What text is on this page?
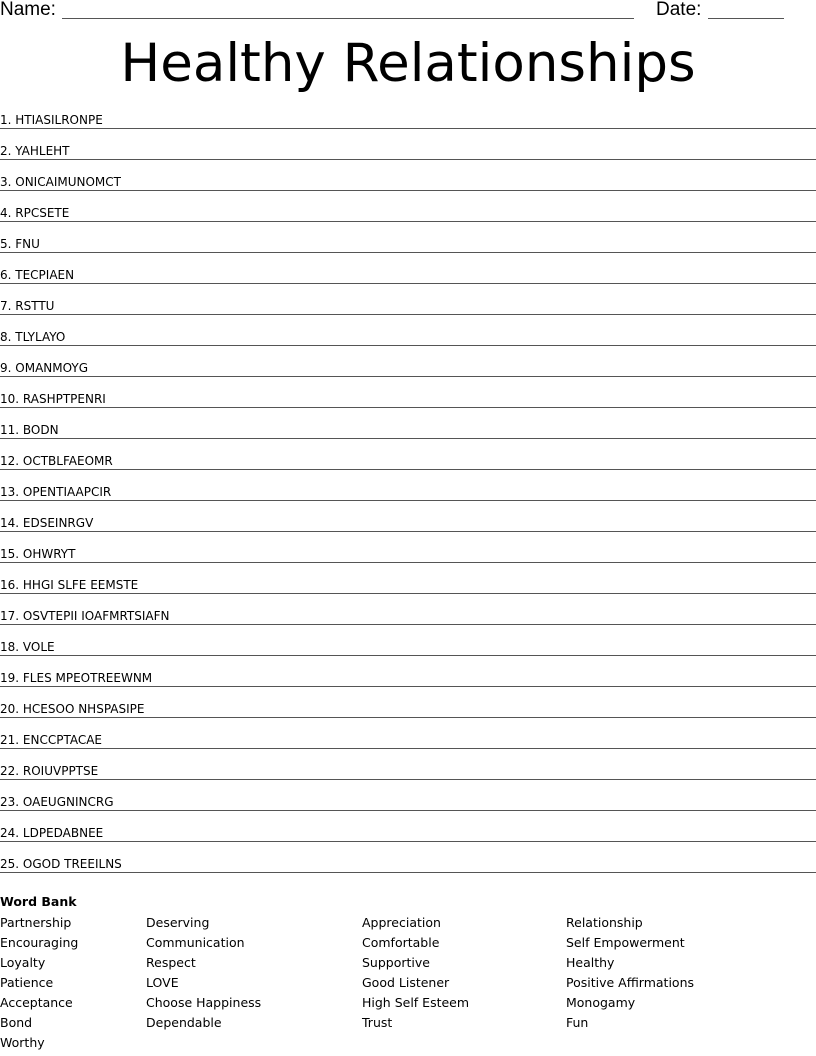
Name:	Date:
Healthy Relationships
1. HTIASILRONPE
2. YAHLEHT
3. ONICAIMUNOMCT
4. RPCSETE
5. FNU
6. TECPIAEN
7. RSTTU
8. TLYLAYO
9. OMANMOYG
10. RASHPTPENRI
11. BODN
12. OCTBLFAEOMR
13. OPENTIAAPCIR
14. EDSEINRGV
15. OHWRYT
16. HHGI SLFE EEMSTE
17. OSVTEPII IOAFMRTSIAFN
18. VOLE
19. FLES MPEOTREEWNM
20. HCESOO NHSPASIPE
21. ENCCPTACAE
22. ROIUVPPTSE
23. OAEUGNINCRG
24. LDPEDABNEE
25. OGOD TREEILNS
Word Bank
Partnership
Encouraging
Loyalty
Patience
Acceptance
Bond
Worthy
Deserving
Communication
Respect
LOVE
Choose Happiness
Dependable
Appreciation
Comfortable
Supportive
Good Listener
High Self Esteem
Trust
Relationship
Self Empowerment
Healthy
Positive Affirmations
Monogamy
Fun
